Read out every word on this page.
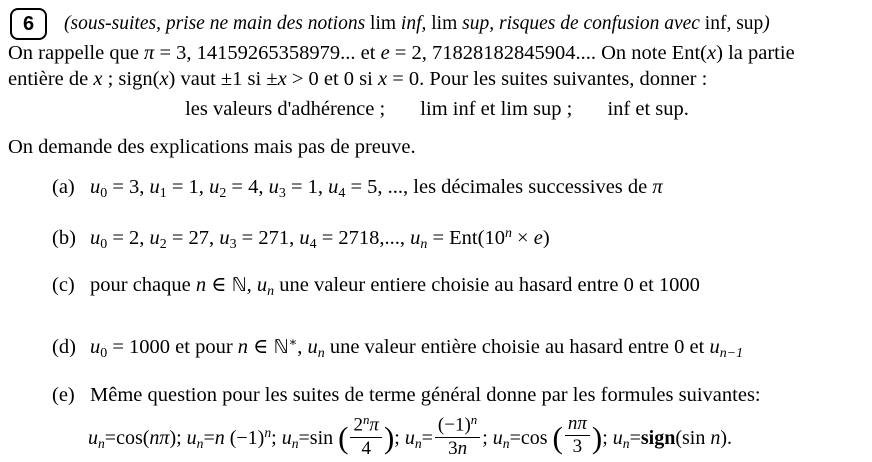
6 (sous-suites, prise ne main des notions lim inf, lim sup, risques de confusion avec inf, sup)
On rappelle que π = 3, 14159265358979... et e = 2, 71828182845904.... On note Ent(x) la partie
entière de x ; sign(x) vaut ±1 si ±x > 0 et 0 si x = 0. Pour les suites suivantes, donner :
les valeurs d'adhérence ; lim inf et lim sup ; inf et sup.
On demande des explications mais pas de preuve.
(a) $u_0 = 3$, $u_1 = 1$, $u_2 = 4$, $u_3 = 1$, $u_4 = 5$, ..., les décimales successives de π
(b) $u_0 = 2$, $u_2 = 27$, $u_3 = 271$, $u_4 = 2718$,..., $u_n = Ent(10^n \times e)$
(c) pour chaque n ∈ ℕ, $u_n$ une valeur entiere choisie au hasard entre 0 et 1000
(d) $u_0 = 1000$ et pour n ∈ ℕ∗, $u_n$ une valeur entière choisie au hasard entre 0 et $u_{n-1}$
(e) Même question pour les suites de terme général donne par les formules suivantes:
$u_n=\cos(n\pi)$; $u_n=n$ $(-1)^n$; $u_n=\sin$ ( $\frac{2^n\pi}{4}$ ); $u_n= \frac{(-1)^n}{3n}$ ; $u_n=\cos$ ( $\frac{n\pi}{3}$ ); $u_n=sign(\sin$ n).
